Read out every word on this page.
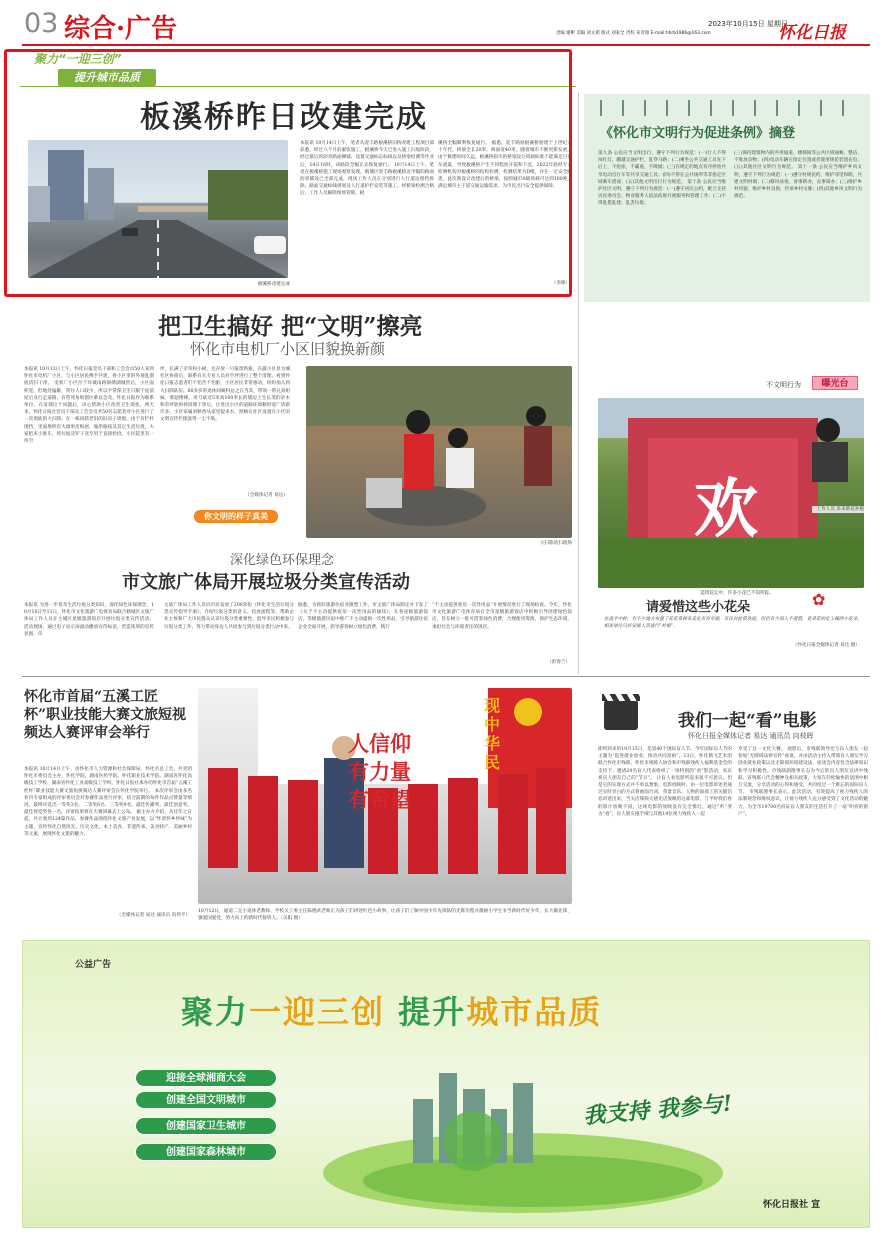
03 综合·广告	2023年10月15日 星期日
责编 谢彬 美编 刘文祺 版式 刘泰全 责校 朱奇甜 E-mail:hhrb1986@163.com	怀化日报
聚力“一迎三创”
提升城市品质
板溪桥昨日改建完成
板溪桥改建完成
本报讯 10月14日上午，笔者从迎丰路板溪桥旧桥改建工程项目部获悉，经过六个月的紧张施工，板溪桥今天已进入施工扫尾阶段，经过最后的沥青路面摊铺、设置交通标志标线以及桥梁检测等作业后，14日16时，该路段全幅正式恢复通行。 10月14日上午，笔者在板溪桥施工现场观察发现，鹤城区迎丰路板溪桥北半幅的路面沥青铺设已全部完成，现场工作人员正分别进行人行道边围档拆除、路面交通标线规划及人行道护栏安装等施工。经桥梁检测合格后，工作人员解除现场管制，板
溪桥全幅顺利恢复通行。 据悉，迎丰路原板溪桥始建于上世纪八十年代，桥梁全长20米，桥面宽40米，随着城市不断更新发展，由于修建时间久远，板溪桥损失的桥梁设计荷载标准不能满足目前车流量，导致板溪桥产生不同程度开裂和下沉。2022年底经专业检测机构对板溪桥的结构检测，检测结果为D级，存在一定安全隐患。此次新设计改建后的桥梁，按照城市A级荷载可达到100吨，满足城市主干道交通运输需求，为市民出行安全提供保障。
（李源）
把卫生搞好 把“文明”擦亮
怀化市电机厂小区旧貌换新颜
本报讯 10月13日上午，怀化日报党员干部和工会会员50人来到怀化市电机厂小区，与小区居民携手共建，将小区里的外观乱彻底清扫干净。 电机厂小区位于环城南路锦绣湖城管后，小区面积宽，但地处偏僻，常住人口较少，所以平常保卫生只限于屋前屋后及行走道路，有些死角和窗区难以会及。怀化日报作为联系单位，在发现这个问题后，决心帮助小区改善卫生现状，两天来，怀化日报社党员干部及工会会员共50名志愿者对小区进行了一次彻底的大扫除。在一栋同辖老旧的旧房子周围，由于有栏杆围挡，里面堆积有大量果皮纸屑，瓶串瓶枝及其它生活垃圾，大家把来小推车，将垃圾及铲子送至用于直接检拾。小区院里有一块空
坪，长满了杂草和小树，还存放一只报废铁瓶，在露小区显为城社区协商后，联系有关专业人员对空坪进行了整个清理，看到怀化日报志愿者们不怕苦不怕脏，小区居民非常感动，纷纷加入到大扫除队伍。60多岁的退休同姨科总之在当其，带领一帮兄弟姐妹，菜超楼梯，用刀砍近5米高100米长的墙边上生长茂的杂木和草坪软拆掉清理干净后，让进出小区的道路环境顿时宽广清新许多。小区家属刘秋香从家里提来水，照顾在社区设置在小区的文明宣传栏擦洗得一尘不染。
（全媒体记者 易达）
你文明的样子真美
大扫除清扫现场
深化绿色环保理念
市文旅广体局开展垃圾分类宣传活动
本报讯 为进一步普及生活垃圾分类知识，深化绿色环保理念，10月10日至11日，怀化市文化旅游广电体育局联合鹤城区文旅广体局工作人员在主城区星级旅游饭店开展垃圾分类宣传活动。 活动现场，通过电子显示屏滚动播放宣传标语，营造浓厚的宣传氛围。市
文旅广体局工作人员向市民发放了200余份《怀化市生活垃圾分类宣传指导手册》，介绍垃圾分类的意义、投放流程等，帮助企业主体和广大市民群众认识垃圾分类重要性，倡导市民积极参与垃圾分类工作。努力带动身边人共同参与到垃圾分类行动中来。
据悉，为抓好旅游住宿业限塑工作，市文旅广体局制定并下发了《关于不主动提供客房一次性用品的通知》，在各星级旅游饭店，等级旅游民宿中推广不主动提供一次性用品，引导旅游住宿企业全面开展，倡导游客树立绿色消费，践行
“不主动提供客房一次性用品”开展情况进行了现场检查。今年，怀化市文化旅游广电体育局在全市星级旅游饭店中积极引导创建绿色饭店，旨在树立一批可借鉴绿色消费，合理使用资源，保护生态环境，承担社会与环境责任的饭店。
（彭春兰）
《怀化市文明行为促进条例》摘登
第九条 公民应当文明出行，遵守下列行为规范：(一)行人不得闯红灯，翻越交通护栏，乱穿马路；(二)乘坐公共交通工具先下后上，不抢座，不霸座，不吸烟；(三)在规定的地点有序停放共享电动自行车等共享交通工具；(四)不得在公共场所等非指定区域乘车搭座；(五)其他文明出行行为规范。 第十条 公民应当维护社区文明，遵守下列行为规范：(一)遵守居民公约，配合支持居民委员会、物业服务人依法依规开展服务和管理工作；(二)不得乱搭乱建、乱丢垃圾；
(三)保持建筑物内的共用通道，楼梯间等公共区域通畅、整洁，不堆放杂物；(四)电动车辆在指定位置或者使用规范装置充电；(五)其他社区文明行为规范。 第十一条 公民应当维护乡风文明，遵守下列行为规范：(一)遵守村规民约，维护邻里和睦，共建文明村镇；(二)移风易俗，喜事新办，丧事简办；(三)维护乡村风貌、维护乡村良俗，传承乡村文脉；(四)其他乡风文明行为规范。
不文明行为	曝光台
欢	工作人员 采来新花补植
造境花坛中，许多小花已不知所踪。
请爱惜这些小花朵	✿
在进平中转，有不少地方布置了花花草树来美化市容市貌，市民对此很欢迎，但仍有少部人不爱惜，竟采花的化工摘的小花朵，相见单位只好安排人员进行“补植”。
（怀化日报全媒体记者 易达 摄）
怀化市首届“五溪工匠杯”职业技能大赛文旅短视频达人赛评审会举行
本报讯 10月14日上午，由怀化市人力资源和社会保障局、怀化市总工会、共青团怀化市委员会主办，怀化学院、湖南医药学院、怀化职业技术学院、湖南省怀化高级技工学校、湖南省怀化工业高级技工学校、怀化日报社承办的怀化市首届“五溪工匠杯”职业技能大赛文旅短视频达人赛评审会在怀化学院举行。 本次评审会由多名业内专家组成的评审委员会对参赛作品进行评审，结合前期的每件作品点赞量等情况，最终评选出一等奖3名、二等奖6名、三等奖9名，最佳传播奖、最佳创意奖、最佳视觉奖各一名，评审结果将在大赛闭幕式上公布。 据主办方介绍，从往年之日起，共计收到124篇作品，参赛作品围绕怀化文旅产业发展，以“怀景怀乡怀味”为主题，宣传怀化自然风光、历史文化、本土美食、非遗传承、美食特产、美丽乡村等元素，展现怀化文旅的魅力。
（全媒体记者 易达 通讯员 向伟平）
现中华民
人信仰
有力量
有希望
10月12日，通道二完小退休老教师、学校关工委主任陈德武老师正为孩子们讲述红色小故事，让孩子们了解中国少年先锋队的光辉历程并激励小学生争当新时代好少年，长大做先锋，强爱国爱党，努力向上的新时代接班人。（吴阳 摄）
我们一起“看”电影
怀化日报全媒体记者 易达 通讯员 向枝晖
即将到来的10月15日，是第40个国际盲人节。今年国际盲人节的主题为“促进就业创业，推动共同富裕”。13日，怀化鹤飞艺术团联合怀化市残联、怀化市视障人协会和市残联残疾人福利基金会的支持下，邀请20名盲人代表组织了一场特别的“看”影活动，来庆祝盲人朋友自己的“节日”。 让盲人看电影听起来很不可思议，但是它的实现方式并不单以想象。电影放映时，由一位电影讲述者通过实时旁白的方式将画面台词，背景音乐、人物的面部上的关键信息讲述出来，当关店频频大感光店放映的这部电影，与平时我们看的影片放映不同，这场电影的放映没有完全像灯，通过“听”变为“看”，盲人朋友拖手细与其他19位视力残疾人一起
享受了这一文化大餐。 观影后，市残联领导还与盲人朋友一起参加“无障碍法律宣传”座谈，并由活动主持人带领盲人朋友学习创业就业政策以及无障碍环境建设法，座谈会内容包含法律知识和学习积极性。市残联副理事长志为今后的盲人朋友宣讲中残联、省残联八代会精神及相关政策，大家在轻松愉快的氛围中相互交流，分享活动的心得和感受，共同度过一个难忘的国际盲人节。 市残联理事长表示，此次活动，有效提高了视力残疾人的法制观念和维权意识，让视力残疾人充分感受到了文化活动的魅力。为全市19700名持证盲人朋友的生活打开了一扇“明亮的窗户”。
公益广告
聚力一迎三创 提升城市品质
我支持 我参与!
迎接全球湘商大会
创建全国文明城市
创建国家卫生城市
创建国家森林城市
怀化日报社 宣
